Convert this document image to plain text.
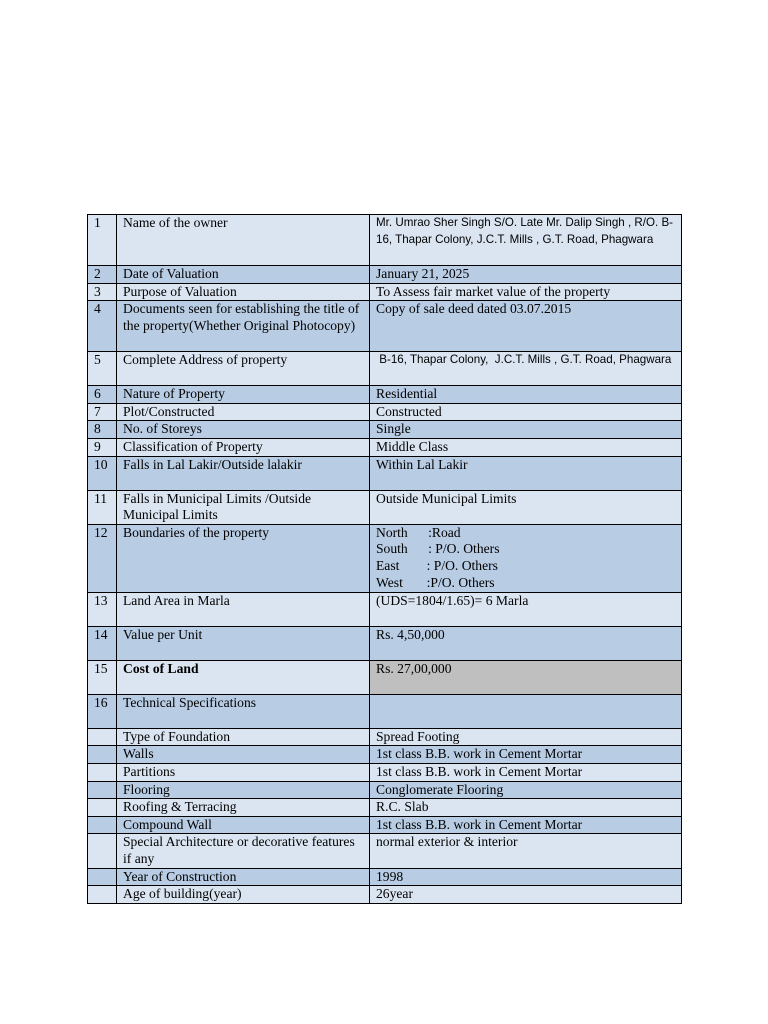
1	Name of the owner	Mr. Umrao Sher Singh S/O. Late Mr. Dalip Singh , R/O. B-16, Thapar Colony, J.C.T. Mills , G.T. Road, Phagwara
2	Date of Valuation	January 21, 2025
3	Purpose of Valuation	To Assess fair market value of the property
4	Documents seen for establishing the title of the property(Whether Original Photocopy)	Copy of sale deed dated 03.07.2015
5	Complete Address of property	B-16, Thapar Colony,  J.C.T. Mills , G.T. Road, Phagwara
6	Nature of Property	Residential
7	Plot/Constructed	Constructed
8	No. of Storeys	Single
9	Classification of Property	Middle Class
10	Falls in Lal Lakir/Outside lalakir	Within Lal Lakir
11	Falls in Municipal Limits /Outside Municipal Limits	Outside Municipal Limits
12	Boundaries of the property	North      :Road
South      : P/O. Others
East        : P/O. Others
West       :P/O. Others

13	Land Area in Marla	(UDS=1804/1.65)= 6 Marla
14	Value per Unit	Rs. 4,50,000
15	Cost of Land	Rs. 27,00,000
16	Technical Specifications	
	Type of Foundation	Spread Footing
	Walls	1st class B.B. work in Cement Mortar
	Partitions	1st class B.B. work in Cement Mortar
	Flooring	Conglomerate Flooring
	Roofing & Terracing	R.C. Slab
	Compound Wall	1st class B.B. work in Cement Mortar
	Special Architecture or decorative features if any	normal exterior & interior
	Year of Construction	1998
	Age of building(year)	26year
